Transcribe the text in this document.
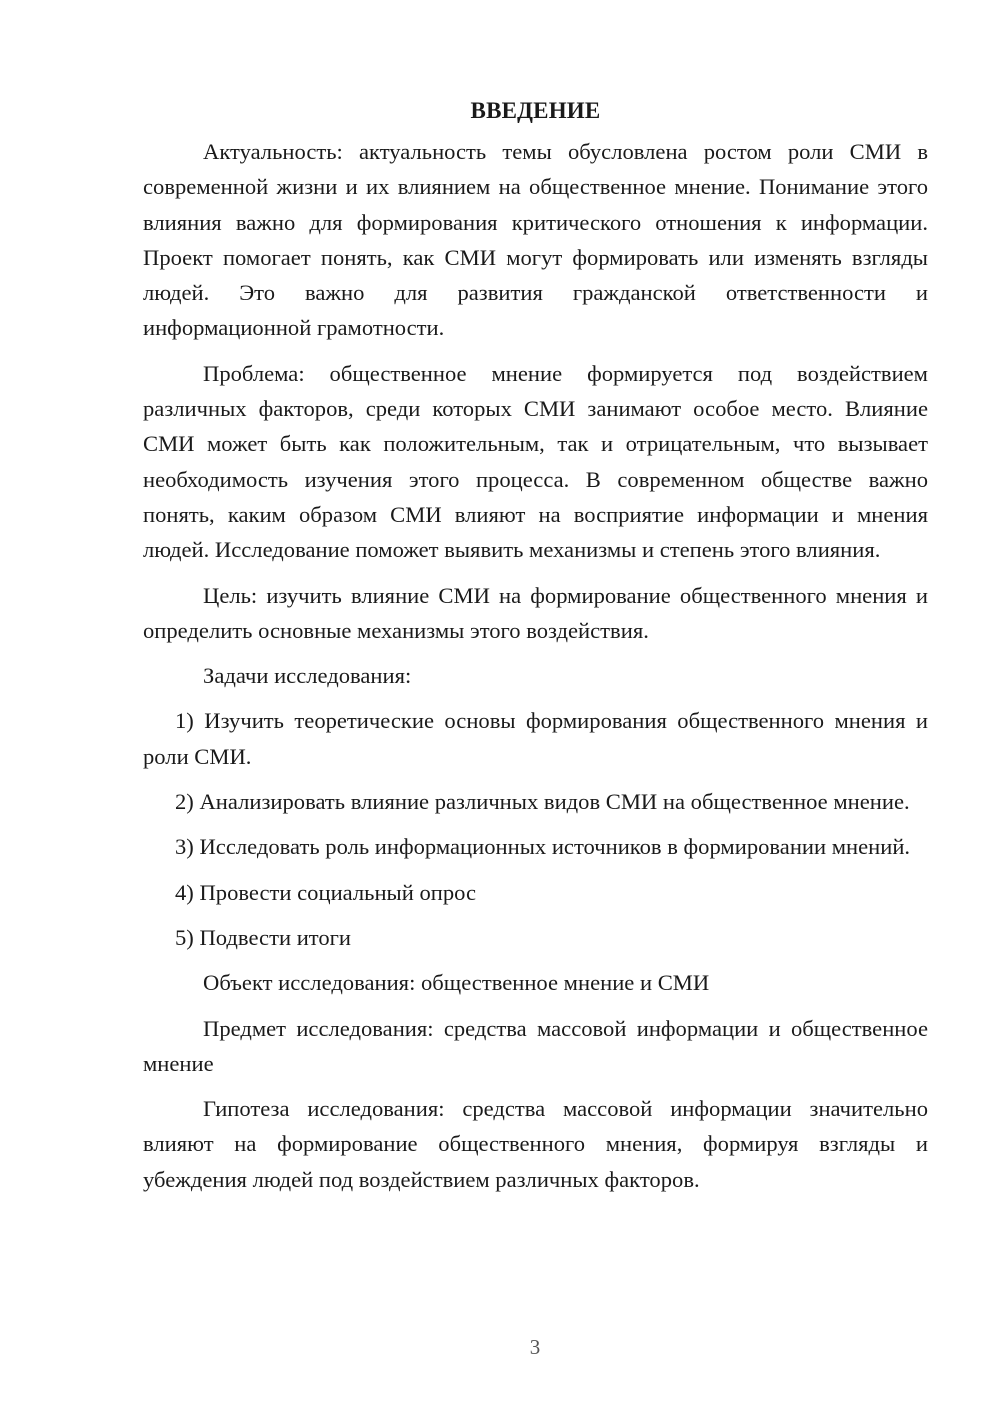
ВВЕДЕНИЕ

Актуальность: актуальность темы обусловлена ростом роли СМИ в современной жизни и их влиянием на общественное мнение. Понимание этого влияния важно для формирования критического отношения к информации. Проект помогает понять, как СМИ могут формировать или изменять взгляды людей. Это важно для развития гражданской ответственности и информационной грамотности.

Проблема: общественное мнение формируется под воздействием различных факторов, среди которых СМИ занимают особое место. Влияние СМИ может быть как положительным, так и отрицательным, что вызывает необходимость изучения этого процесса. В современном обществе важно понять, каким образом СМИ влияют на восприятие информации и мнения людей. Исследование поможет выявить механизмы и степень этого влияния.

Цель: изучить влияние СМИ на формирование общественного мнения и определить основные механизмы этого воздействия.

Задачи исследования:

1) Изучить теоретические основы формирования общественного мнения и роли СМИ.

2) Анализировать влияние различных видов СМИ на общественное мнение.

3) Исследовать роль информационных источников в формировании мнений.

4) Провести социальный опрос

5) Подвести итоги

Объект исследования: общественное мнение и СМИ

Предмет исследования: средства массовой информации и общественное мнение

Гипотеза исследования: средства массовой информации значительно влияют на формирование общественного мнения, формируя взгляды и убеждения людей под воздействием различных факторов.

3
